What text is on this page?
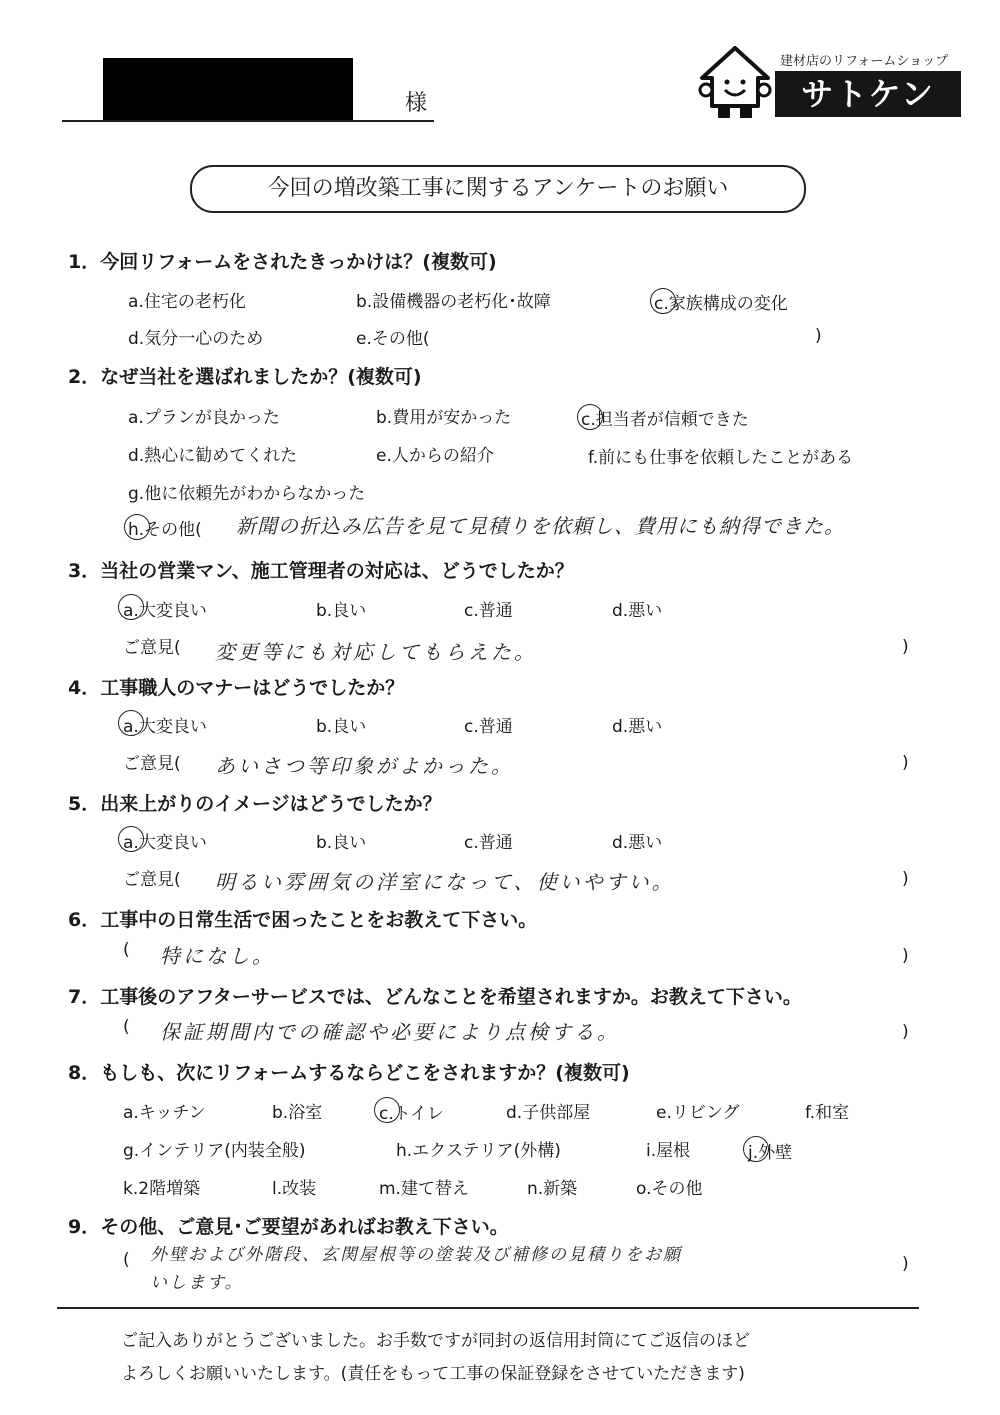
様
建材店のリフォームショップ
サトケン
今回の増改築工事に関するアンケートのお願い
1．今回リフォームをされたきっかけは？(複数可)
a.住宅の老朽化	b.設備機器の老朽化･故障	c.家族構成の変化
d.気分一心のため	e.その他(	)
2．なぜ当社を選ばれましたか？(複数可)
a.プランが良かった	b.費用が安かった	c.担当者が信頼できた
d.熱心に勧めてくれた	e.人からの紹介	f.前にも仕事を依頼したことがある
g.他に依頼先がわからなかった
h.その他( 新聞の折込み広告を見て見積りを依頼し、費用にも納得できた。
3．当社の営業マン、施工管理者の対応は、どうでしたか？
a.大変良い	b.良い	c.普通	d.悪い
ご意見( 変更等にも対応してもらえた。	)
4．工事職人のマナーはどうでしたか？
a.大変良い	b.良い	c.普通	d.悪い
ご意見( あいさつ等印象がよかった。	)
5．出来上がりのイメージはどうでしたか？
a.大変良い	b.良い	c.普通	d.悪い
ご意見( 明るい雰囲気の洋室になって、使いやすい。	)
6．工事中の日常生活で困ったことをお教えて下さい。
( 特になし。	)
7．工事後のアフターサービスでは、どんなことを希望されますか。お教えて下さい。
( 保証期間内での確認や必要により点検する。	)
8．もしも、次にリフォームするならどこをされますか？(複数可)
a.キッチン	b.浴室	c.トイレ	d.子供部屋	e.リビング	f.和室
g.インテリア(内装全般)	h.エクステリア(外構)	i.屋根	j.外壁
k.2階増築	l.改装	m.建て替え	n.新築	o.その他
9．その他、ご意見･ご要望があればお教え下さい。
( 外壁および外階段、玄関屋根等の塗装及び補修の見積りをお願
いします。
)
ご記入ありがとうございました。お手数ですが同封の返信用封筒にてご返信のほど
よろしくお願いいたします。(責任をもって工事の保証登録をさせていただきます)
